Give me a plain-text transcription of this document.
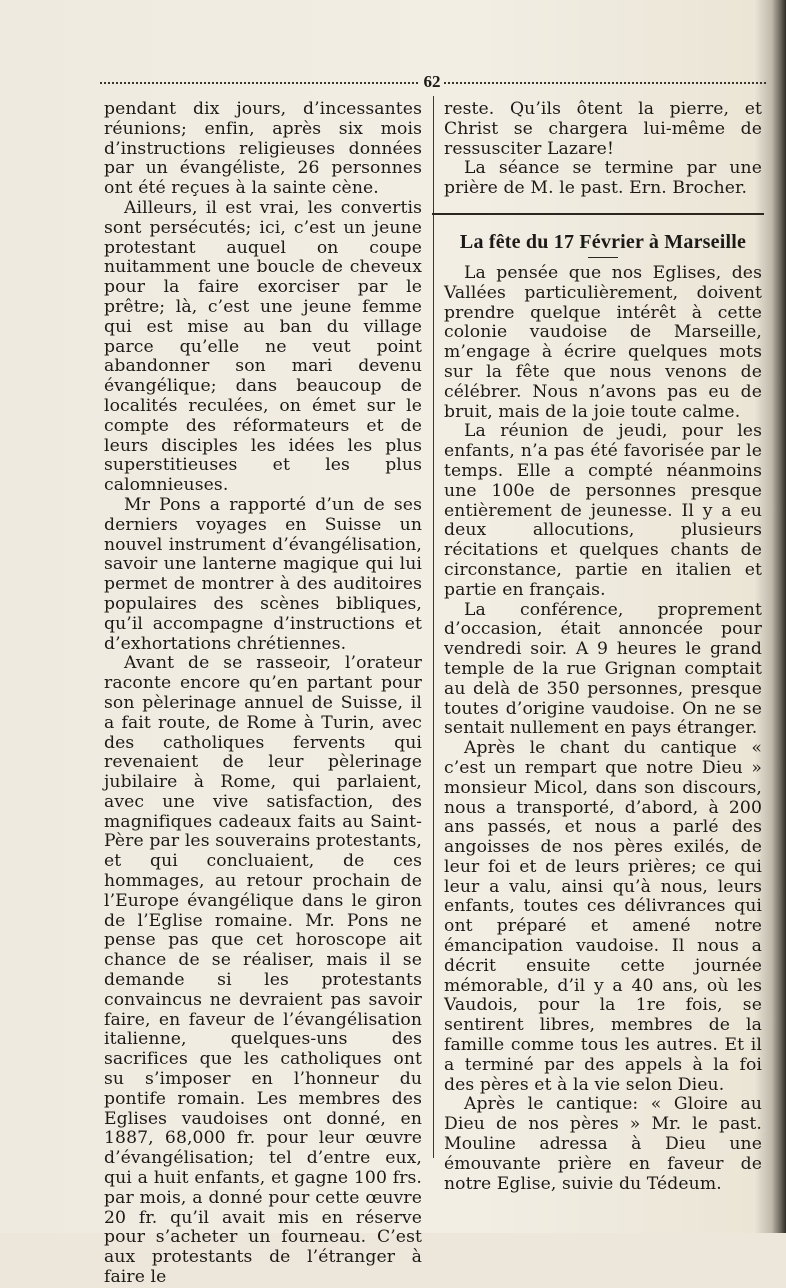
62

pendant dix jours, d’incessantes réunions; enfin, après six mois d’instructions religieuses données par un évangéliste, 26 personnes ont été reçues à la sainte cène.

Ailleurs, il est vrai, les convertis sont persécutés; ici, c’est un jeune protestant auquel on coupe nuitamment une boucle de cheveux pour la faire exorciser par le prêtre; là, c’est une jeune femme qui est mise au ban du village parce qu’elle ne veut point abandonner son mari devenu évangélique; dans beaucoup de localités reculées, on émet sur le compte des réformateurs et de leurs disciples les idées les plus superstitieuses et les plus calomnieuses.

Mr Pons a rapporté d’un de ses derniers voyages en Suisse un nouvel instrument d’évangélisation, savoir une lanterne magique qui lui permet de montrer à des auditoires populaires des scènes bibliques, qu’il accompagne d’instructions et d’exhortations chrétiennes.

Avant de se rasseoir, l’orateur raconte encore qu’en partant pour son pèlerinage annuel de Suisse, il a fait route, de Rome à Turin, avec des catholiques fervents qui revenaient de leur pèlerinage jubilaire à Rome, qui parlaient, avec une vive satisfaction, des magnifiques cadeaux faits au Saint-Père par les souverains protestants, et qui concluaient, de ces hommages, au retour prochain de l’Europe évangélique dans le giron de l’Eglise romaine. Mr. Pons ne pense pas que cet horoscope ait chance de se réaliser, mais il se demande si les protestants convaincus ne devraient pas savoir faire, en faveur de l’évangélisation italienne, quelques-uns des sacrifices que les catholiques ont su s’imposer en l’honneur du pontife romain. Les membres des Eglises vaudoises ont donné, en 1887, 68,000 fr. pour leur œuvre d’évangélisation; tel d’entre eux, qui a huit enfants, et gagne 100 frs. par mois, a donné pour cette œuvre 20 fr. qu’il avait mis en réserve pour s’acheter un fourneau. C’est aux protestants de l’étranger à faire le

reste. Qu’ils ôtent la pierre, et Christ se chargera lui-même de ressusciter Lazare!

La séance se termine par une prière de M. le past. Ern. Brocher.

La fête du 17 Février à Marseille

La pensée que nos Eglises, des Vallées particulièrement, doivent prendre quelque intérêt à cette colonie vaudoise de Marseille, m’engage à écrire quelques mots sur la fête que nous venons de célébrer. Nous n’avons pas eu de bruit, mais de la joie toute calme.

La réunion de jeudi, pour les enfants, n’a pas été favorisée par le temps. Elle a compté néanmoins une 100e de personnes presque entièrement de jeunesse. Il y a eu deux allocutions, plusieurs récitations et quelques chants de circonstance, partie en italien et partie en français.

La conférence, proprement d’occasion, était annoncée pour vendredi soir. A 9 heures le grand temple de la rue Grignan comptait au delà de 350 personnes, presque toutes d’origine vaudoise. On ne se sentait nullement en pays étranger.

Après le chant du cantique « c’est un rempart que notre Dieu » monsieur Micol, dans son discours, nous a transporté, d’abord, à 200 ans passés, et nous a parlé des angoisses de nos pères exilés, de leur foi et de leurs prières; ce qui leur a valu, ainsi qu’à nous, leurs enfants, toutes ces délivrances qui ont préparé et amené notre émancipation vaudoise. Il nous a décrit ensuite cette journée mémorable, d’il y a 40 ans, où les Vaudois, pour la 1re fois, se sentirent libres, membres de la famille comme tous les autres. Et il a terminé par des appels à la foi des pères et à la vie selon Dieu.

Après le cantique: « Gloire au Dieu de nos pères » Mr. le past. Mouline adressa à Dieu une émouvante prière en faveur de notre Eglise, suivie du Tédeum.
